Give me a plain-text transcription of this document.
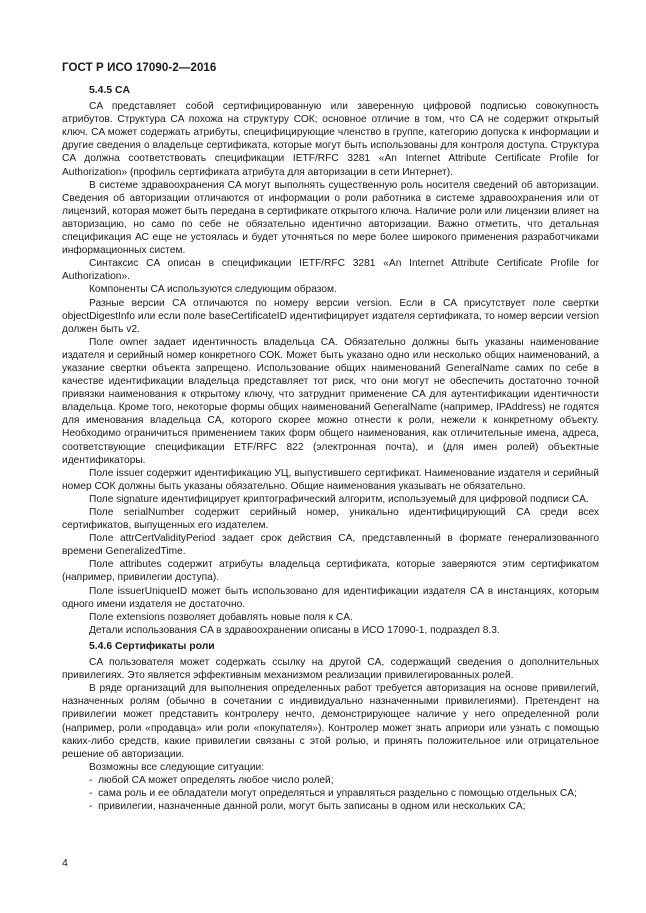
ГОСТ Р ИСО 17090-2—2016
5.4.5 CA

CA представляет собой сертифицированную или заверенную цифровой подписью совокупность атрибутов. Структура CA похожа на структуру СОК; основное отличие в том, что CA не содержит открытый ключ. CA может содержать атрибуты, специфицирующие членство в группе, категорию допуска к информации и другие сведения о владельце сертификата, которые могут быть использованы для контроля доступа. Структура CA должна соответствовать спецификации IETF/RFC 3281 «An Internet Attribute Certificate Profile for Authorization» (профиль сертификата атрибута для авторизации в сети Интернет).

В системе здравоохранения CA могут выполнять существенную роль носителя сведений об авторизации. Сведения об авторизации отличаются от информации о роли работника в системе здравоохранения или от лицензий, которая может быть передана в сертификате открытого ключа. Наличие роли или лицензии влияет на авторизацию, но само по себе не обязательно идентично авторизации. Важно отметить, что детальная спецификация АС еще не устоялась и будет уточняться по мере более широкого применения разработчиками информационных систем.

Синтаксис CA описан в спецификации IETF/RFC 3281 «An Internet Attribute Certificate Profile for Authorization».

Компоненты CA используются следующим образом.

Разные версии CA отличаются по номеру версии version. Если в CA присутствует поле свертки objectDigestInfo или если поле baseCertificateID идентифицирует издателя сертификата, то номер версии version должен быть v2.

Поле owner задает идентичность владельца CA. Обязательно должны быть указаны наименование издателя и серийный номер конкретного СОК. Может быть указано одно или несколько общих наименований, а указание свертки объекта запрещено. Использование общих наименований GeneralName самих по себе в качестве идентификации владельца представляет тот риск, что они могут не обеспечить достаточно точной привязки наименования к открытому ключу, что затруднит применение CA для аутентификации идентичности владельца. Кроме того, некоторые формы общих наименований GeneralName (например, IPAddress) не годятся для именования владельца CA, которого скорее можно отнести к роли, нежели к конкретному объекту. Необходимо ограничиться применением таких форм общего наименования, как отличительные имена, адреса, соответствующие спецификации ETF/RFC 822 (электронная почта), и (для имен ролей) объектные идентификаторы.

Поле issuer содержит идентификацию УЦ, выпустившего сертификат. Наименование издателя и серийный номер СОК должны быть указаны обязательно. Общие наименования указывать не обязательно.

Поле signature идентифицирует криптографический алгоритм, используемый для цифровой подписи CA.

Поле serialNumber содержит серийный номер, уникально идентифицирующий CA среди всех сертификатов, выпущенных его издателем.

Поле attrCertValidityPeriod задает срок действия CA, представленный в формате генерализованного времени GeneralizedTime.

Поле attributes содержит атрибуты владельца сертификата, которые заверяются этим сертификатом (например, привилегии доступа).

Поле issuerUniqueID может быть использовано для идентификации издателя CA в инстанциях, которым одного имени издателя не достаточно.

Поле extensions позволяет добавлять новые поля к CA.

Детали использования CA в здравоохранении описаны в ИСО 17090-1, подраздел 8.3.

5.4.6 Сертификаты роли

CA пользователя может содержать ссылку на другой CA, содержащий сведения о дополнительных привилегиях. Это является эффективным механизмом реализации привилегированных ролей.

В ряде организаций для выполнения определенных работ требуется авторизация на основе привилегий, назначенных ролям (обычно в сочетании с индивидуально назначенными привилегиями). Претендент на привилегии может представить контролеру нечто, демонстрирующее наличие у него определенной роли (например, роли «продавца» или роли «покупателя»). Контролер может знать априори или узнать с помощью каких-либо средств, какие привилегии связаны с этой ролью, и принять положительное или отрицательное решение об авторизации.

Возможны все следующие ситуации:

-  любой CA может определять любое число ролей;
-  сама роль и ее обладатели могут определяться и управляться раздельно с помощью отдельных CA;
-  привилегии, назначенные данной роли, могут быть записаны в одном или нескольких CA;
4
